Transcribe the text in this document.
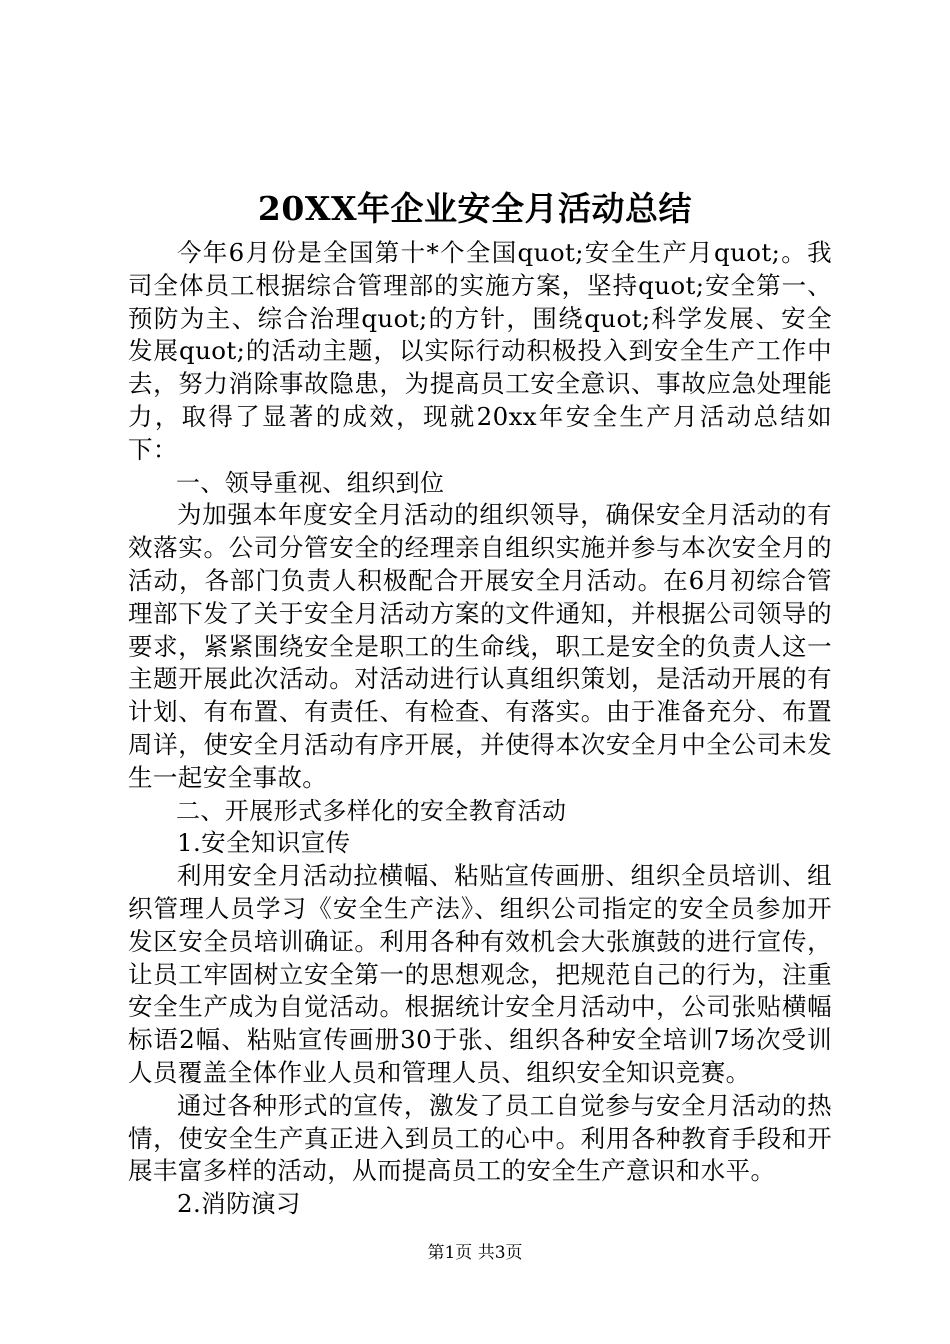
20XX年企业安全月活动总结

今年6月份是全国第十*个全国quot;安全生产月quot;。我司全体员工根据综合管理部的实施方案，坚持quot;安全第一、预防为主、综合治理quot;的方针，围绕quot;科学发展、安全发展quot;的活动主题，以实际行动积极投入到安全生产工作中去，努力消除事故隐患，为提高员工安全意识、事故应急处理能力，取得了显著的成效，现就20xx年安全生产月活动总结如下：

一、领导重视、组织到位

为加强本年度安全月活动的组织领导，确保安全月活动的有效落实。公司分管安全的经理亲自组织实施并参与本次安全月的活动，各部门负责人积极配合开展安全月活动。在6月初综合管理部下发了关于安全月活动方案的文件通知，并根据公司领导的要求，紧紧围绕安全是职工的生命线，职工是安全的负责人这一主题开展此次活动。对活动进行认真组织策划，是活动开展的有计划、有布置、有责任、有检查、有落实。由于准备充分、布置周详，使安全月活动有序开展，并使得本次安全月中全公司未发生一起安全事故。

二、开展形式多样化的安全教育活动

1.安全知识宣传

利用安全月活动拉横幅、粘贴宣传画册、组织全员培训、组织管理人员学习《安全生产法》、组织公司指定的安全员参加开发区安全员培训确证。利用各种有效机会大张旗鼓的进行宣传，让员工牢固树立安全第一的思想观念，把规范自己的行为，注重安全生产成为自觉活动。根据统计安全月活动中，公司张贴横幅标语2幅、粘贴宣传画册30于张、组织各种安全培训7场次受训人员覆盖全体作业人员和管理人员、组织安全知识竞赛。

通过各种形式的宣传，激发了员工自觉参与安全月活动的热情，使安全生产真正进入到员工的心中。利用各种教育手段和开展丰富多样的活动，从而提高员工的安全生产意识和水平。

2.消防演习

第1页 共3页
